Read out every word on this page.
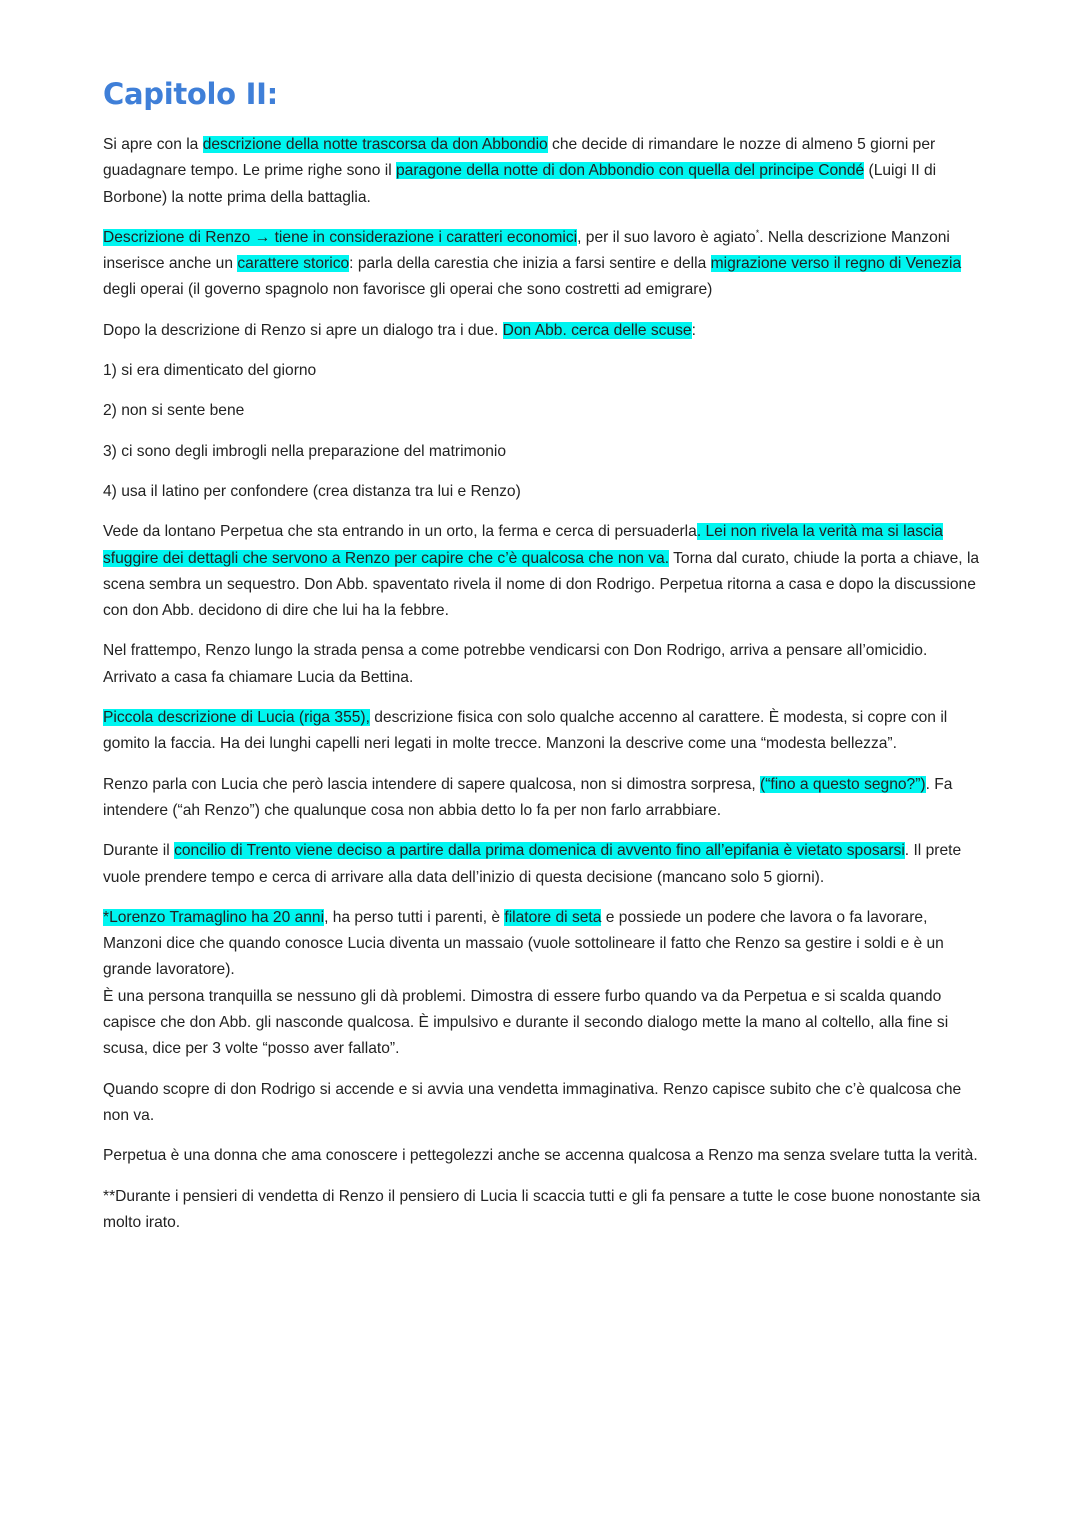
Capitolo II:

Si apre con la descrizione della notte trascorsa da don Abbondio che decide di rimandare le nozze di almeno 5 giorni per guadagnare tempo. Le prime righe sono il paragone della notte di don Abbondio con quella del principe Condé (Luigi II di Borbone) la notte prima della battaglia.

Descrizione di Renzo → tiene in considerazione i caratteri economici, per il suo lavoro è agiato*. Nella descrizione Manzoni inserisce anche un carattere storico: parla della carestia che inizia a farsi sentire e della migrazione verso il regno di Venezia degli operai (il governo spagnolo non favorisce gli operai che sono costretti ad emigrare)

Dopo la descrizione di Renzo si apre un dialogo tra i due. Don Abb. cerca delle scuse:

1) si era dimenticato del giorno

2) non si sente bene

3) ci sono degli imbrogli nella preparazione del matrimonio

4) usa il latino per confondere (crea distanza tra lui e Renzo)

Vede da lontano Perpetua che sta entrando in un orto, la ferma e cerca di persuaderla. Lei non rivela la verità ma si lascia sfuggire dei dettagli che servono a Renzo per capire che c’è qualcosa che non va. Torna dal curato, chiude la porta a chiave, la scena sembra un sequestro. Don Abb. spaventato rivela il nome di don Rodrigo. Perpetua ritorna a casa e dopo la discussione con don Abb. decidono di dire che lui ha la febbre.

Nel frattempo, Renzo lungo la strada pensa a come potrebbe vendicarsi con Don Rodrigo, arriva a pensare all’omicidio. Arrivato a casa fa chiamare Lucia da Bettina.

Piccola descrizione di Lucia (riga 355), descrizione fisica con solo qualche accenno al carattere. È modesta, si copre con il gomito la faccia. Ha dei lunghi capelli neri legati in molte trecce. Manzoni la descrive come una “modesta bellezza”.

Renzo parla con Lucia che però lascia intendere di sapere qualcosa, non si dimostra sorpresa, (“fino a questo segno?”). Fa intendere (“ah Renzo”) che qualunque cosa non abbia detto lo fa per non farlo arrabbiare.

Durante il concilio di Trento viene deciso a partire dalla prima domenica di avvento fino all’epifania è vietato sposarsi. Il prete vuole prendere tempo e cerca di arrivare alla data dell’inizio di questa decisione (mancano solo 5 giorni).

*Lorenzo Tramaglino ha 20 anni, ha perso tutti i parenti, è filatore di seta e possiede un podere che lavora o fa lavorare, Manzoni dice che quando conosce Lucia diventa un massaio (vuole sottolineare il fatto che Renzo sa gestire i soldi e è un grande lavoratore).
È una persona tranquilla se nessuno gli dà problemi. Dimostra di essere furbo quando va da Perpetua e si scalda quando capisce che don Abb. gli nasconde qualcosa. È impulsivo e durante il secondo dialogo mette la mano al coltello, alla fine si scusa, dice per 3 volte “posso aver fallato”.

Quando scopre di don Rodrigo si accende e si avvia una vendetta immaginativa. Renzo capisce subito che c’è qualcosa che non va.

Perpetua è una donna che ama conoscere i pettegolezzi anche se accenna qualcosa a Renzo ma senza svelare tutta la verità.

**Durante i pensieri di vendetta di Renzo il pensiero di Lucia li scaccia tutti e gli fa pensare a tutte le cose buone nonostante sia molto irato.
